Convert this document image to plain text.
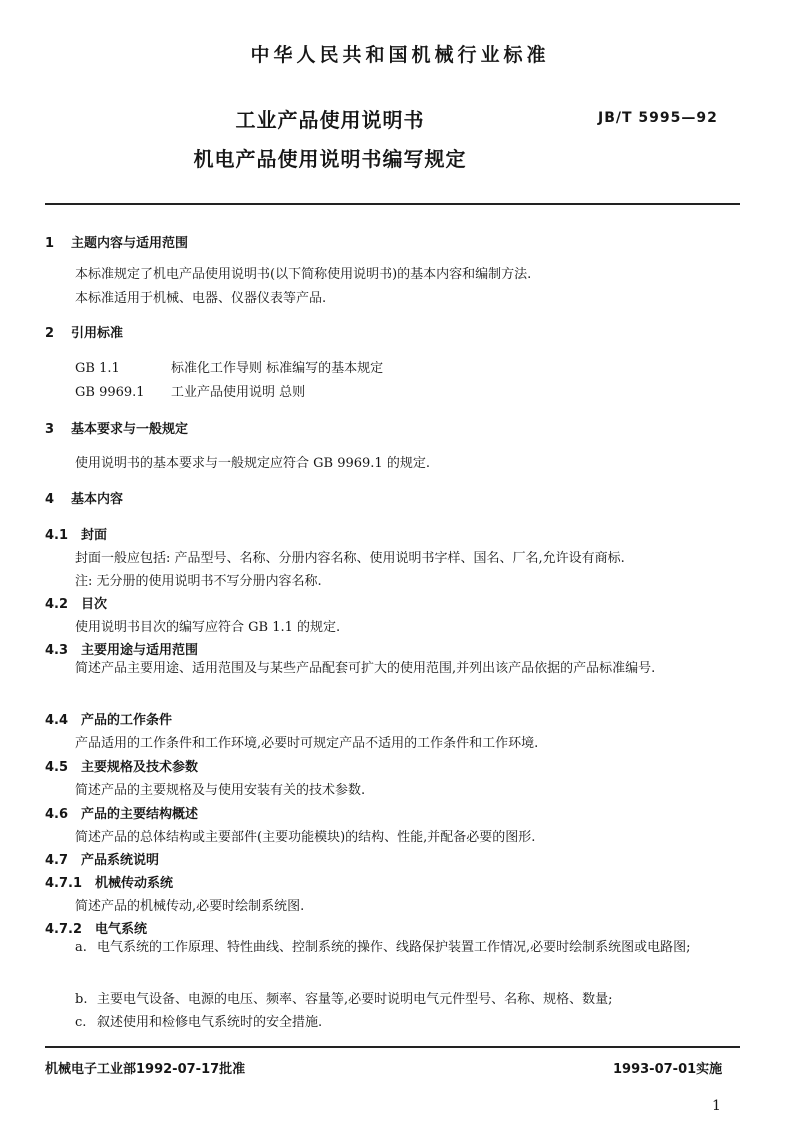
中华人民共和国机械行业标准
工业产品使用说明书
机电产品使用说明书编写规定
JB/T 5995—92
1 主题内容与适用范围
本标准规定了机电产品使用说明书(以下简称使用说明书)的基本内容和编制方法.
本标准适用于机械、电器、仪器仪表等产品.
2 引用标准
GB 1.1	标准化工作导则 标准编写的基本规定
GB 9969.1 工业产品使用说明 总则
3 基本要求与一般规定
使用说明书的基本要求与一般规定应符合 GB 9969.1 的规定.
4 基本内容
4.1 封面
封面一般应包括: 产品型号、名称、分册内容名称、使用说明书字样、国名、厂名,允许设有商标.
注: 无分册的使用说明书不写分册内容名称.
4.2 目次
使用说明书目次的编写应符合 GB 1.1 的规定.
4.3 主要用途与适用范围
简述产品主要用途、适用范围及与某些产品配套可扩大的使用范围,并列出该产品依据的产品标准编号.
4.4 产品的工作条件
产品适用的工作条件和工作环境,必要时可规定产品不适用的工作条件和工作环境.
4.5 主要规格及技术参数
简述产品的主要规格及与使用安装有关的技术参数.
4.6 产品的主要结构概述
简述产品的总体结构或主要部件(主要功能模块)的结构、性能,并配备必要的图形.
4.7 产品系统说明
4.7.1 机械传动系统
简述产品的机械传动,必要时绘制系统图.
4.7.2 电气系统
a. 电气系统的工作原理、特性曲线、控制系统的操作、线路保护装置工作情况,必要时绘制系统图或电路图;
b. 主要电气设备、电源的电压、频率、容量等,必要时说明电气元件型号、名称、规格、数量;
c. 叙述使用和检修电气系统时的安全措施.
机械电子工业部1992-07-17批准	1993-07-01实施
1
